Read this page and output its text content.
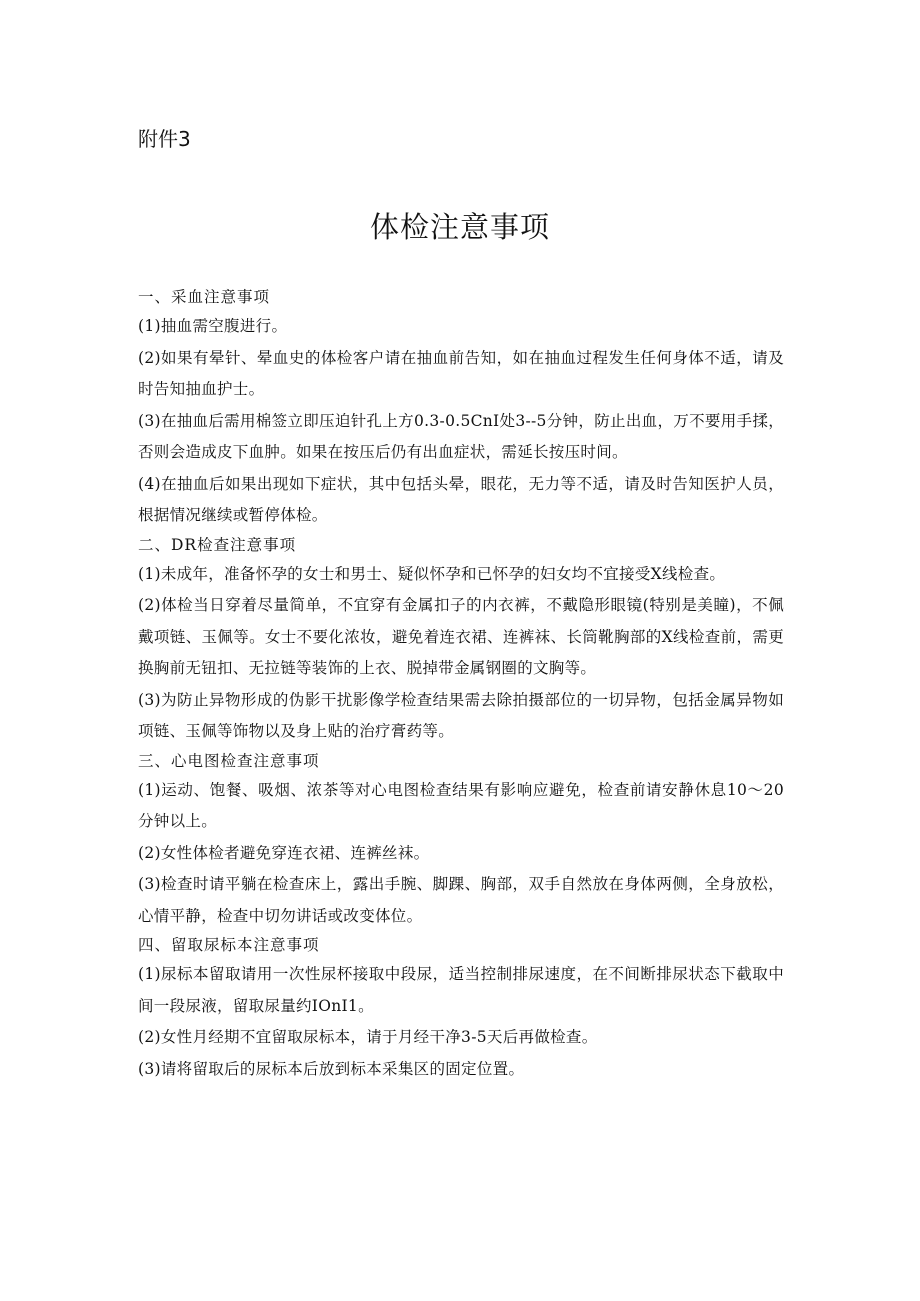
附件3
体检注意事项
一、采血注意事项
(1)抽血需空腹进行。
(2)如果有晕针、晕血史的体检客户请在抽血前告知，如在抽血过程发生任何身体不适，请及时告知抽血护士。
(3)在抽血后需用棉签立即压迫针孔上方0.3-0.5CnI处3--5分钟，防止出血，万不要用手揉，否则会造成皮下血肿。如果在按压后仍有出血症状，需延长按压时间。
(4)在抽血后如果出现如下症状，其中包括头晕，眼花，无力等不适，请及时告知医护人员，根据情况继续或暂停体检。
二、DR检查注意事项
(1)未成年，准备怀孕的女士和男士、疑似怀孕和已怀孕的妇女均不宜接受X线检查。
(2)体检当日穿着尽量简单，不宜穿有金属扣子的内衣裤，不戴隐形眼镜(特别是美瞳)，不佩戴项链、玉佩等。女士不要化浓妆，避免着连衣裙、连裤袜、长筒靴胸部的X线检查前，需更换胸前无钮扣、无拉链等装饰的上衣、脱掉带金属钢圈的文胸等。
(3)为防止异物形成的伪影干扰影像学检查结果需去除拍摄部位的一切异物，包括金属异物如项链、玉佩等饰物以及身上贴的治疗膏药等。
三、心电图检查注意事项
(1)运动、饱餐、吸烟、浓茶等对心电图检查结果有影响应避免，检查前请安静休息10～20分钟以上。
(2)女性体检者避免穿连衣裙、连裤丝袜。
(3)检查时请平躺在检查床上，露出手腕、脚踝、胸部，双手自然放在身体两侧，全身放松，心情平静，检查中切勿讲话或改变体位。
四、留取尿标本注意事项
(1)尿标本留取请用一次性尿杯接取中段尿，适当控制排尿速度，在不间断排尿状态下截取中间一段尿液，留取尿量约IOnI1。
(2)女性月经期不宜留取尿标本，请于月经干净3-5天后再做检查。
(3)请将留取后的尿标本后放到标本采集区的固定位置。
